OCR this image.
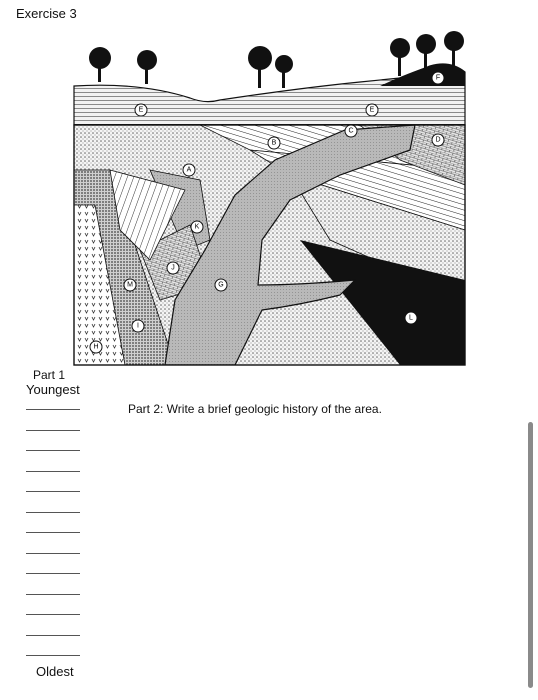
Exercise 3
E	E
F
B
C
D
A
K
J
G
M
I
H
L
Part 1
Youngest
Oldest
Part 2: Write a brief geologic history of the area.
